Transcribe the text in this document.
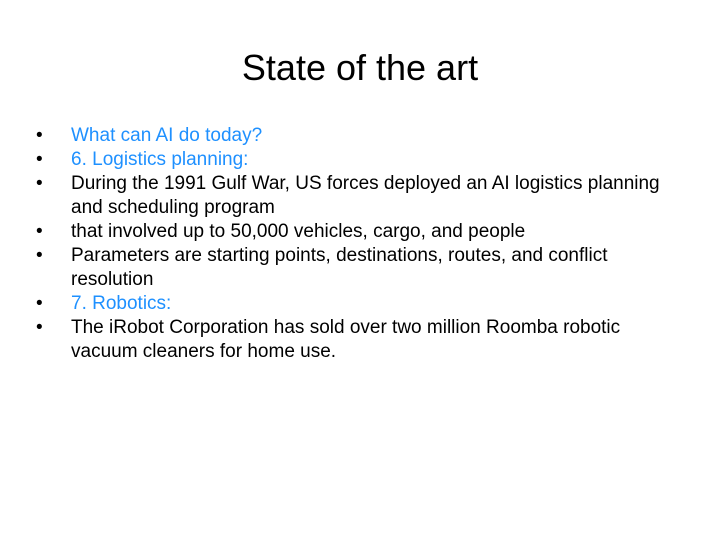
State of the art
•	What can AI do today?
•	6. Logistics planning:
•	During the 1991 Gulf War, US forces deployed an AI logistics planning and scheduling program
•	that involved up to 50,000 vehicles, cargo, and people
•	Parameters are starting points, destinations, routes, and conflict resolution
•	7. Robotics:
•	The iRobot Corporation has sold over two million Roomba robotic vacuum cleaners for home use.
